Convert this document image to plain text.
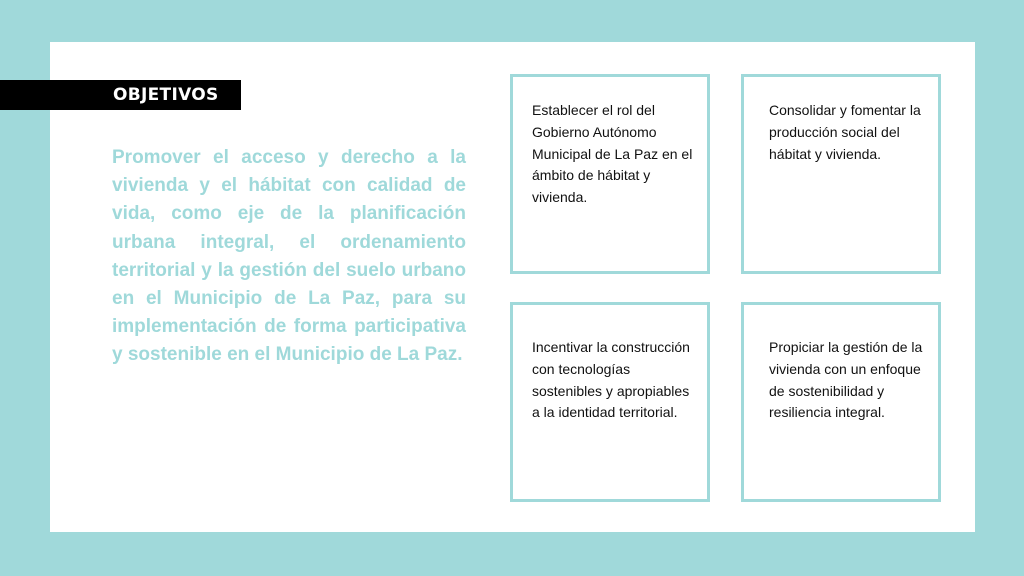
OBJETIVOS

Promover el acceso y derecho a la vivienda y el hábitat con calidad de vida, como eje de la planificación urbana integral, el ordenamiento territorial y la gestión del suelo urbano en el Municipio de La Paz, para su implementación de forma participativa y sostenible en el Municipio de La Paz.

Establecer el rol del Gobierno Autónomo Municipal de La Paz en el ámbito de hábitat y vivienda.

Consolidar y fomentar la producción social del hábitat y vivienda.

Incentivar la construcción con tecnologías sostenibles y apropiables a la identidad territorial.

Propiciar la gestión de la vivienda con un enfoque de sostenibilidad y resiliencia integral.
